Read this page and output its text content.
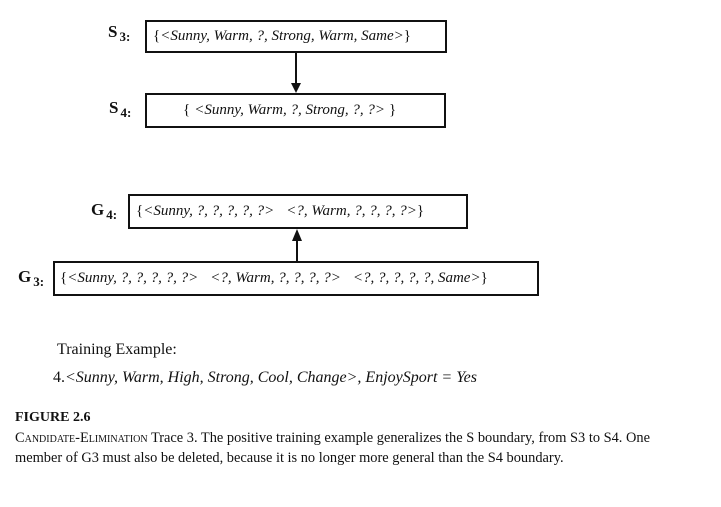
S $_{3:}$ { <Sunny, Warm, ?, Strong, Warm, Same> }
S $_{4:}$	{ <Sunny, Warm, ?, Strong, ?, ?> }
G $_{4:}$ { <Sunny, ?, ?, ?, ?, ?> <?, Warm, ?, ?, ?, ?> }
G $_{3:}$ { <Sunny, ?, ?, ?, ?, ?> <?, Warm, ?, ?, ?, ?> <?, ?, ?, ?, ?, Same> }
Training Example:
4.<Sunny, Warm, High, Strong, Cool, Change>, EnjoySport = Yes
FIGURE 2.6
Candidate-Elimination Trace 3. The positive training example generalizes the S boundary, from S3 to S4. One member of G3 must also be deleted, because it is no longer more general than the S4 boundary.
